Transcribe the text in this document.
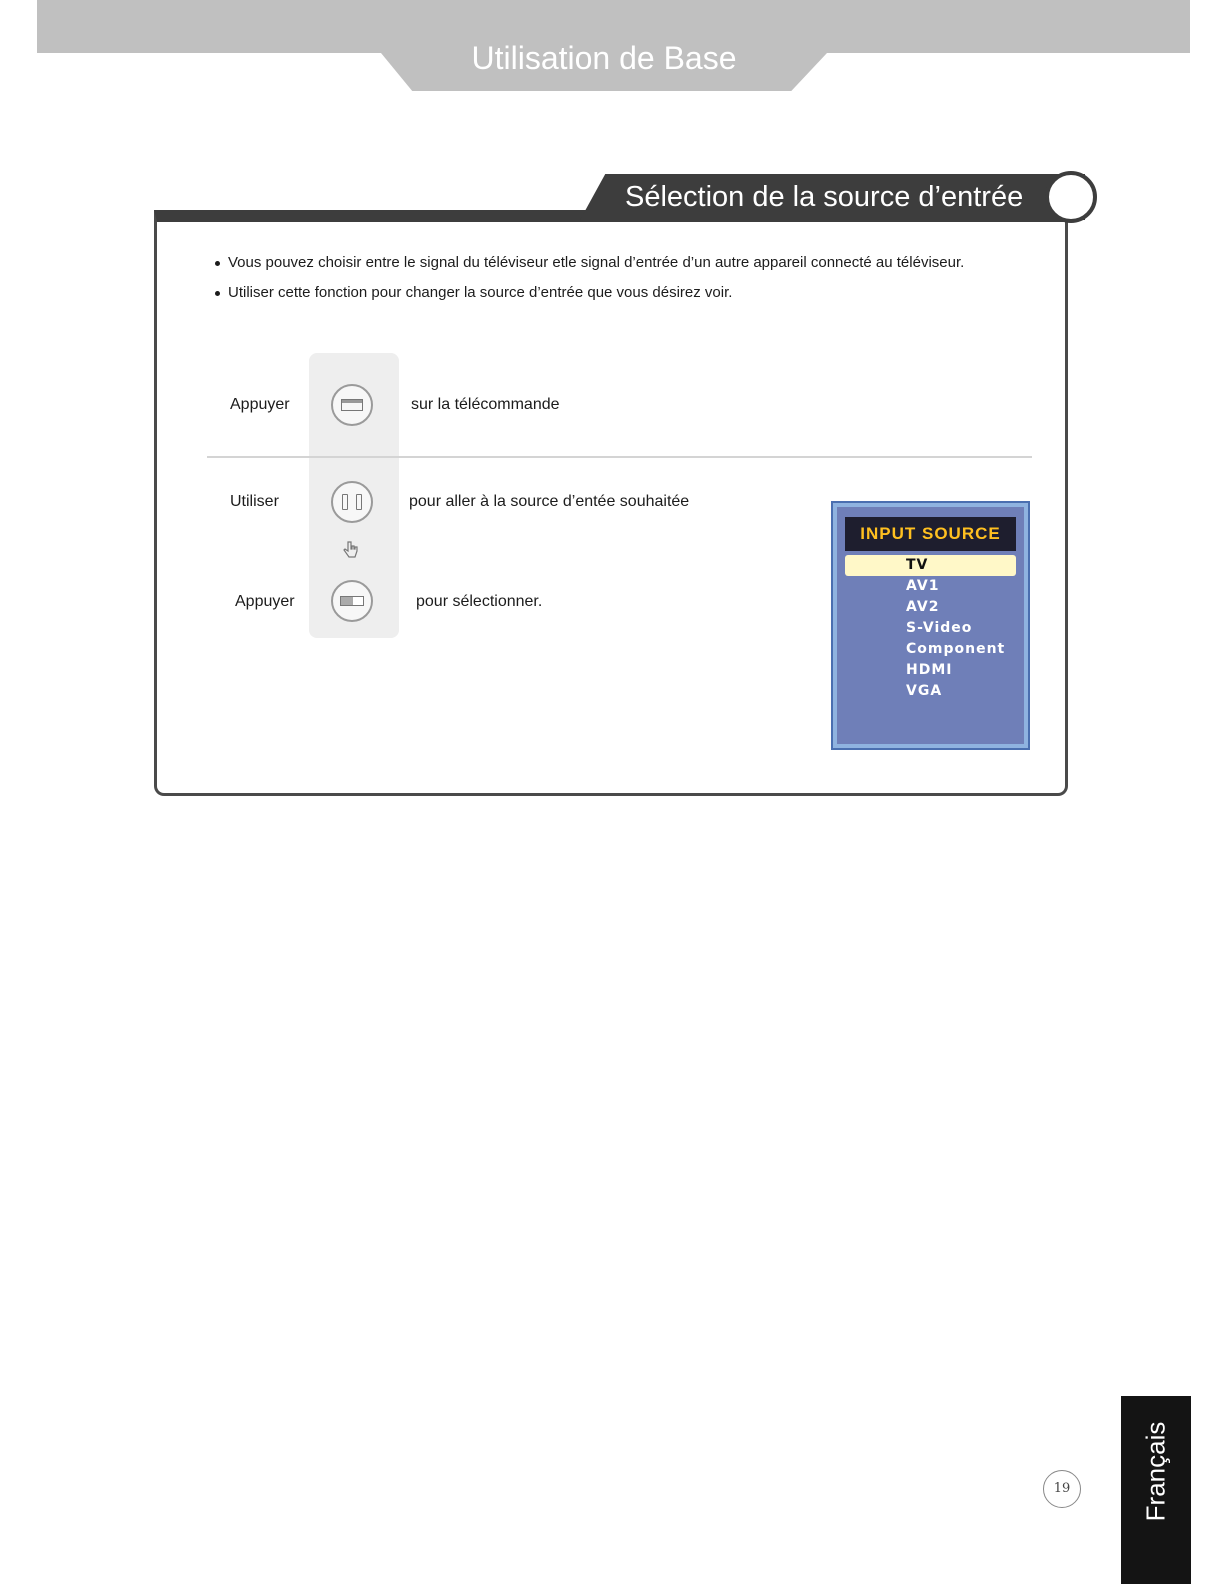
Utilisation de Base
Sélection de la source d’entrée
Vous pouvez choisir entre le signal du téléviseur etle signal d’entrée d’un autre appareil connecté au téléviseur.
Utiliser cette fonction pour changer la source d’entrée que vous désirez voir.
Appuyer	sur la télécommande
Utiliser	pour aller à la source d’entée souhaitée
Appuyer	pour sélectionner.
INPUT SOURCE
TV
AV1
AV2
S-Video
Component
HDMI
VGA
19	Français
